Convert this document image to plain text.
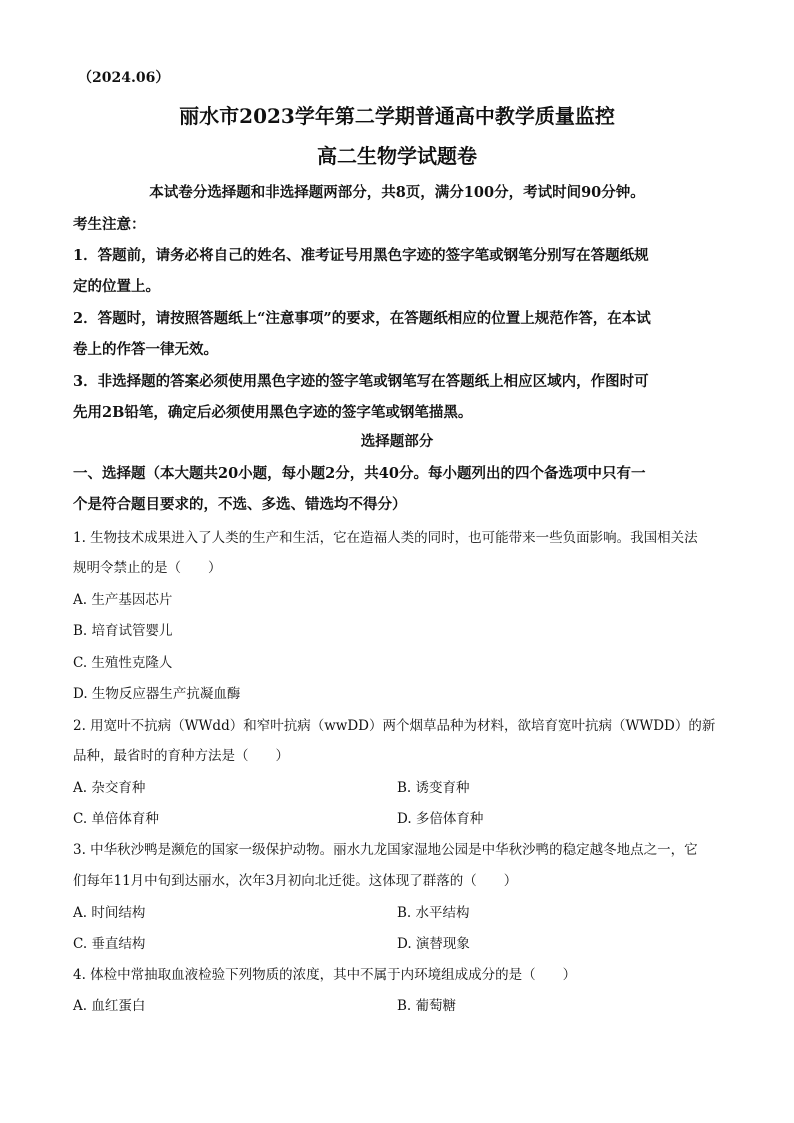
（2024.06）
丽水市2023学年第二学期普通高中教学质量监控
高二生物学试题卷
本试卷分选择题和非选择题两部分，共8页，满分100分，考试时间90分钟。
考生注意：
1．答题前，请务必将自己的姓名、准考证号用黑色字迹的签字笔或钢笔分别写在答题纸规
定的位置上。
2．答题时，请按照答题纸上“注意事项”的要求，在答题纸相应的位置上规范作答，在本试
卷上的作答一律无效。
3．非选择题的答案必须使用黑色字迹的签字笔或钢笔写在答题纸上相应区域内，作图时可
先用2B铅笔，确定后必须使用黑色字迹的签字笔或钢笔描黑。
选择题部分
一、选择题（本大题共20小题，每小题2分，共40分。每小题列出的四个备选项中只有一
个是符合题目要求的，不选、多选、错选均不得分）
1. 生物技术成果进入了人类的生产和生活，它在造福人类的同时，也可能带来一些负面影响。我国相关法
规明令禁止的是（　　）
A. 生产基因芯片
B. 培育试管婴儿
C. 生殖性克隆人
D. 生物反应器生产抗凝血酶
2. 用宽叶不抗病（WWdd）和窄叶抗病（wwDD）两个烟草品种为材料，欲培育宽叶抗病（WWDD）的新
品种，最省时的育种方法是（　　）
A. 杂交育种	B. 诱变育种
C. 单倍体育种	D. 多倍体育种
3. 中华秋沙鸭是濒危的国家一级保护动物。丽水九龙国家湿地公园是中华秋沙鸭的稳定越冬地点之一，它
们每年11月中旬到达丽水，次年3月初向北迁徙。这体现了群落的（　　）
A. 时间结构	B. 水平结构
C. 垂直结构	D. 演替现象
4. 体检中常抽取血液检验下列物质的浓度，其中不属于内环境组成成分的是（　　）
A. 血红蛋白	B. 葡萄糖
